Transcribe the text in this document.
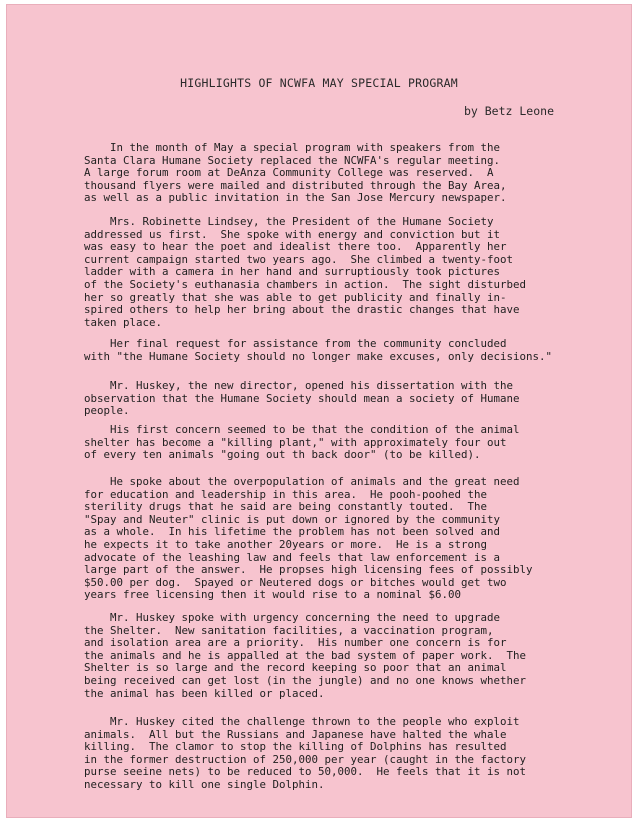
HIGHLIGHTS OF NCWFA MAY SPECIAL PROGRAM
by Betz Leone

In the month of May a special program with speakers from the
Santa Clara Humane Society replaced the NCWFA's regular meeting.
A large forum room at DeAnza Community College was reserved.  A
thousand flyers were mailed and distributed through the Bay Area,
as well as a public invitation in the San Jose Mercury newspaper.

Mrs. Robinette Lindsey, the President of the Humane Society
addressed us first.  She spoke with energy and conviction but it
was easy to hear the poet and idealist there too.  Apparently her
current campaign started two years ago.  She climbed a twenty-foot
ladder with a camera in her hand and surruptiously took pictures
of the Society's euthanasia chambers in action.  The sight disturbed
her so greatly that she was able to get publicity and finally in-
spired others to help her bring about the drastic changes that have
taken place.

Her final request for assistance from the community concluded
with "the Humane Society should no longer make excuses, only decisions."

Mr. Huskey, the new director, opened his dissertation with the
observation that the Humane Society should mean a society of Humane
people.

His first concern seemed to be that the condition of the animal
shelter has become a "killing plant," with approximately four out
of every ten animals "going out th back door" (to be killed).

He spoke about the overpopulation of animals and the great need
for education and leadership in this area.  He pooh-poohed the
sterility drugs that he said are being constantly touted.  The
"Spay and Neuter" clinic is put down or ignored by the community
as a whole.  In his lifetime the problem has not been solved and
he expects it to take another 20years or more.  He is a strong
advocate of the leashing law and feels that law enforcement is a
large part of the answer.  He propses high licensing fees of possibly
$50.00 per dog.  Spayed or Neutered dogs or bitches would get two
years free licensing then it would rise to a nominal $6.00

Mr. Huskey spoke with urgency concerning the need to upgrade
the Shelter.  New sanitation facilities, a vaccination program,
and isolation area are a priority.  His number one concern is for
the animals and he is appalled at the bad system of paper work.  The
Shelter is so large and the record keeping so poor that an animal
being received can get lost (in the jungle) and no one knows whether
the animal has been killed or placed.

Mr. Huskey cited the challenge thrown to the people who exploit
animals.  All but the Russians and Japanese have halted the whale
killing.  The clamor to stop the killing of Dolphins has resulted
in the former destruction of 250,000 per year (caught in the factory
purse seeine nets) to be reduced to 50,000.  He feels that it is not
necessary to kill one single Dolphin.
